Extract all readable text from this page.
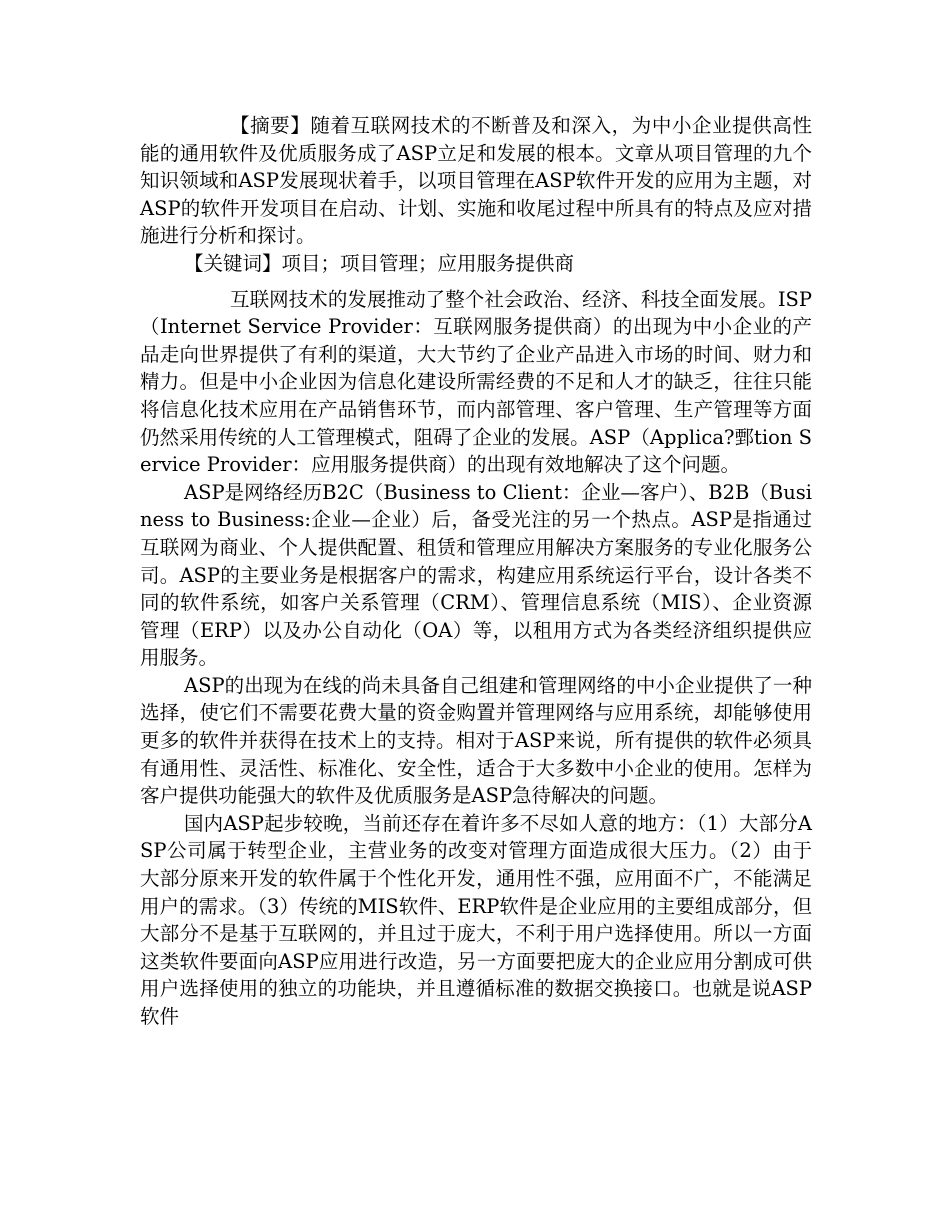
【摘要】随着互联网技术的不断普及和深入，为中小企业提供高性能的通用软件及优质服务成了ASP立足和发展的根本。文章从项目管理的九个知识领域和ASP发展现状着手，以项目管理在ASP软件开发的应用为主题，对ASP的软件开发项目在启动、计划、实施和收尾过程中所具有的特点及应对措施进行分析和探讨。

【关键词】项目；项目管理；应用服务提供商

互联网技术的发展推动了整个社会政治、经济、科技全面发展。ISP（Internet Service Provider：互联网服务提供商）的出现为中小企业的产品走向世界提供了有利的渠道，大大节约了企业产品进入市场的时间、财力和精力。但是中小企业因为信息化建设所需经费的不足和人才的缺乏，往往只能将信息化技术应用在产品销售环节，而内部管理、客户管理、生产管理等方面仍然采用传统的人工管理模式，阻碍了企业的发展。ASP（Applica?鄄tion Service Provider：应用服务提供商）的出现有效地解决了这个问题。

ASP是网络经历B2C（Business to Client：企业—客户）、B2B（Business to Business:企业—企业）后，备受光注的另一个热点。ASP是指通过互联网为商业、个人提供配置、租赁和管理应用解决方案服务的专业化服务公司。ASP的主要业务是根据客户的需求，构建应用系统运行平台，设计各类不同的软件系统，如客户关系管理（CRM）、管理信息系统（MIS）、企业资源管理（ERP）以及办公自动化（OA）等，以租用方式为各类经济组织提供应用服务。

ASP的出现为在线的尚未具备自己组建和管理网络的中小企业提供了一种选择，使它们不需要花费大量的资金购置并管理网络与应用系统，却能够使用更多的软件并获得在技术上的支持。相对于ASP来说，所有提供的软件必须具有通用性、灵活性、标准化、安全性，适合于大多数中小企业的使用。怎样为客户提供功能强大的软件及优质服务是ASP急待解决的问题。

国内ASP起步较晚，当前还存在着许多不尽如人意的地方：（1）大部分ASP公司属于转型企业，主营业务的改变对管理方面造成很大压力。（2）由于大部分原来开发的软件属于个性化开发，通用性不强，应用面不广，不能满足用户的需求。（3）传统的MIS软件、ERP软件是企业应用的主要组成部分，但大部分不是基于互联网的，并且过于庞大，不利于用户选择使用。所以一方面这类软件要面向ASP应用进行改造，另一方面要把庞大的企业应用分割成可供用户选择使用的独立的功能块，并且遵循标准的数据交换接口。也就是说ASP软件
